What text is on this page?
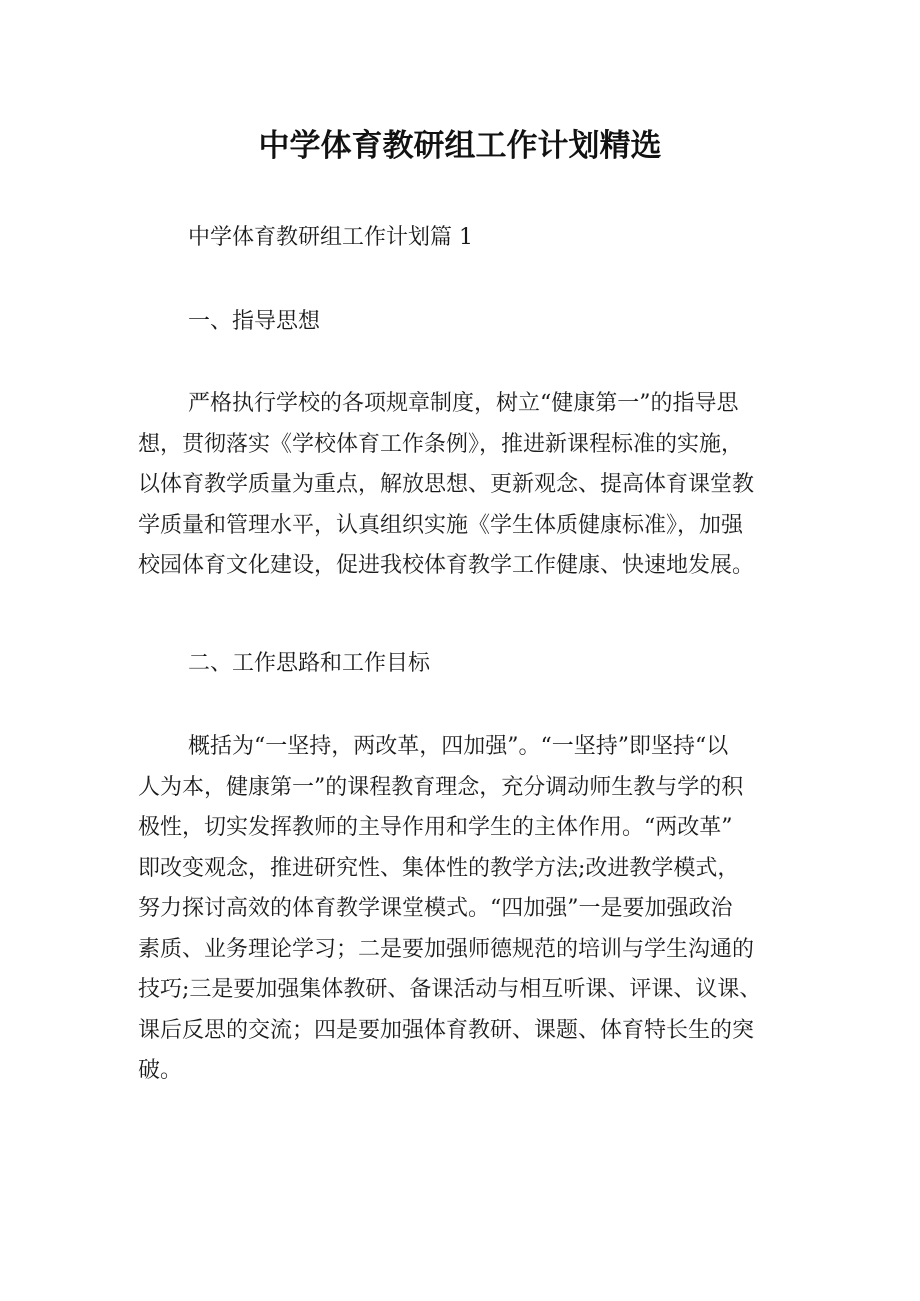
中学体育教研组工作计划精选

中学体育教研组工作计划篇 1

一、指导思想

严格执行学校的各项规章制度，树立“健康第一”的指导思
想，贯彻落实《学校体育工作条例》，推进新课程标准的实施，
以体育教学质量为重点，解放思想、更新观念、提高体育课堂教
学质量和管理水平，认真组织实施《学生体质健康标准》，加强
校园体育文化建设，促进我校体育教学工作健康、快速地发展。

二、工作思路和工作目标

概括为“一坚持，两改革，四加强”。“一坚持”即坚持“以
人为本，健康第一”的课程教育理念，充分调动师生教与学的积
极性，切实发挥教师的主导作用和学生的主体作用。“两改革”
即改变观念，推进研究性、集体性的教学方法;改进教学模式，
努力探讨高效的体育教学课堂模式。“四加强”一是要加强政治
素质、业务理论学习；二是要加强师德规范的培训与学生沟通的
技巧;三是要加强集体教研、备课活动与相互听课、评课、议课、
课后反思的交流；四是要加强体育教研、课题、体育特长生的突
破。
